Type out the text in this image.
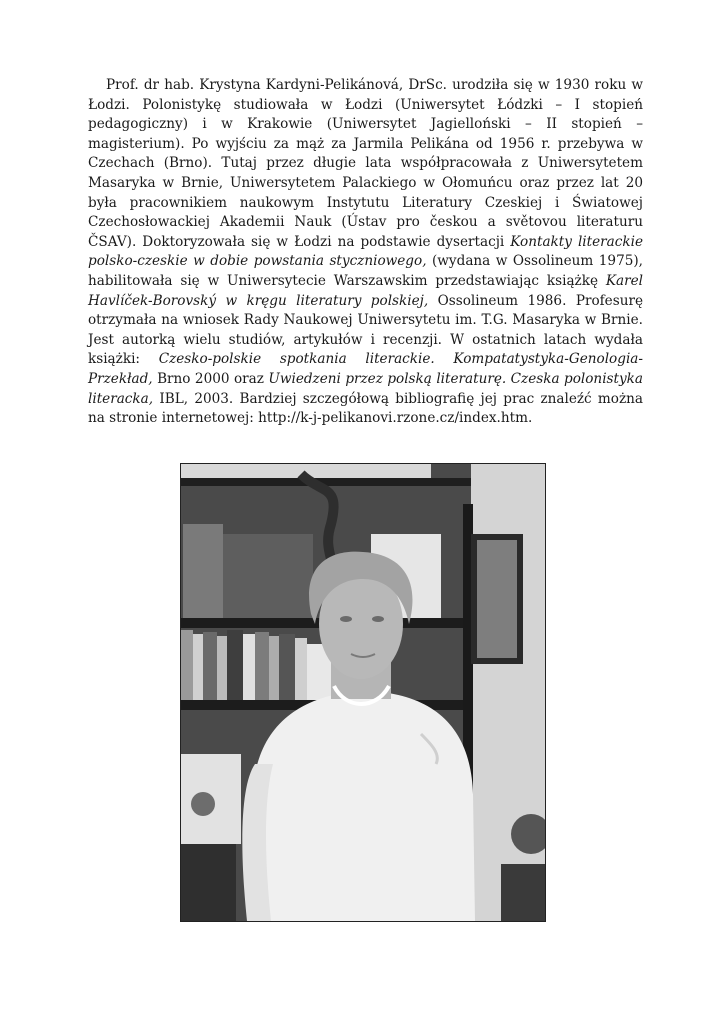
Prof. dr hab. Krystyna Kardyni-Pelikánová, DrSc. urodziła się w 1930 roku w Łodzi. Polonistykę studiowała w Łodzi (Uniwersytet Łódzki – I stopień pedagogiczny) i w Krakowie (Uniwersytet Jagielloński – II stopień – magisterium). Po wyjściu za mąż za Jarmila Pelikána od 1956 r. przebywa w Czechach (Brno). Tutaj przez długie lata współpracowała z Uniwersytetem Masaryka w Brnie, Uniwersytetem Palackiego w Ołomuńcu oraz przez lat 20 była pracownikiem naukowym Instytutu Literatury Czeskiej i Światowej Czechosłowackiej Akademii Nauk (Ústav pro českou a světovou literaturu ČSAV). Doktoryzowała się w Łodzi na podstawie dysertacji Kontakty literackie polsko-czeskie w dobie powstania styczniowego, (wydana w Ossolineum 1975), habilitowała się w Uniwersytecie Warszawskim przedstawiając książkę Karel Havlíček-Borovský w kręgu literatury polskiej, Ossolineum 1986. Profesurę otrzymała na wniosek Rady Naukowej Uniwersytetu im. T.G. Masaryka w Brnie. Jest autorką wielu studiów, artykułów i recenzji. W ostatnich latach wydała książki: Czesko-polskie spotkania literackie. Kompatatystyka-Genologia-Przekład, Brno 2000 oraz Uwiedzeni przez polską literaturę. Czeska polonistyka literacka, IBL, 2003. Bardziej szczegółową bibliografię jej prac znaleźć można na stronie internetowej: http://k-j-pelikanovi.rzone.cz/index.htm.
